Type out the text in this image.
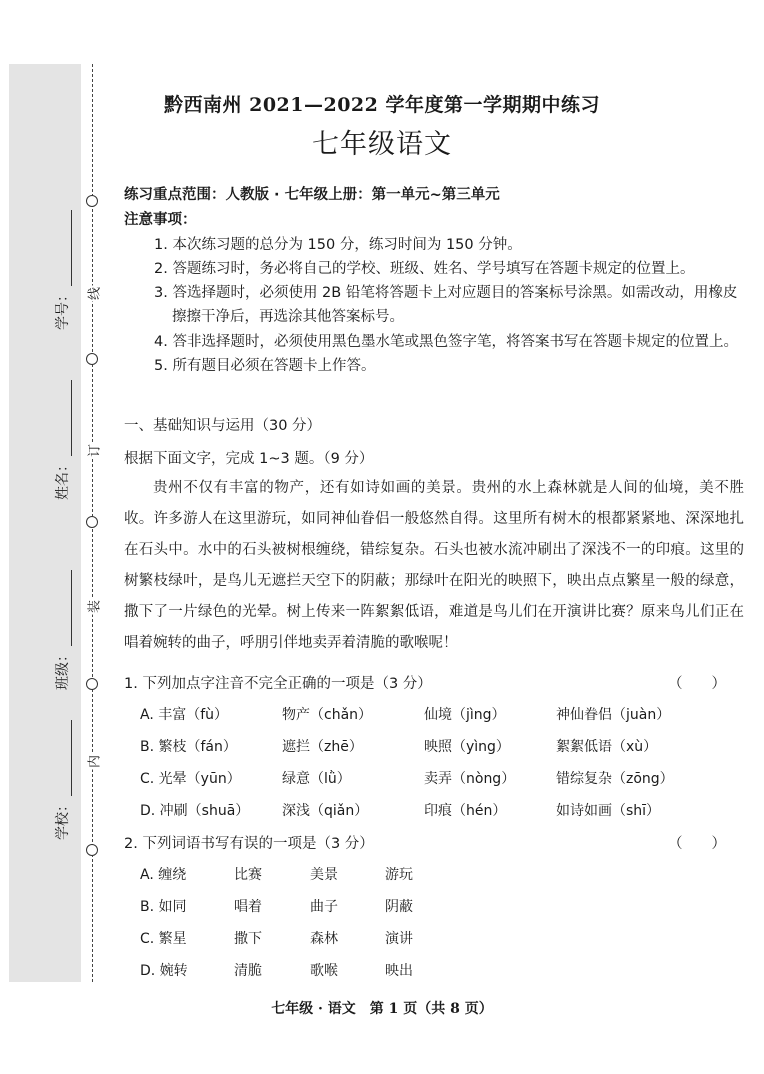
线
订
装
内
学号：
姓名：
班级：
学校：
黔西南州 2021—2022 学年度第一学期期中练习
七年级语文
练习重点范围：人教版 · 七年级上册：第一单元~第三单元
注意事项：
1. 本次练习题的总分为 150 分，练习时间为 150 分钟。
2. 答题练习时，务必将自己的学校、班级、姓名、学号填写在答题卡规定的位置上。
3. 答选择题时，必须使用 2B 铅笔将答题卡上对应题目的答案标号涂黑。如需改动，用橡皮
擦擦干净后，再选涂其他答案标号。
4. 答非选择题时，必须使用黑色墨水笔或黑色签字笔，将答案书写在答题卡规定的位置上。
5. 所有题目必须在答题卡上作答。
一、基础知识与运用（30 分）
根据下面文字，完成 1~3 题。（9 分）
贵州不仅有丰富的物产，还有如诗如画的美景。贵州的水上森林就是人间的仙境，美不胜收。许多游人在这里游玩，如同神仙眷侣一般悠然自得。这里所有树木的根都紧紧地、深深地扎在石头中。水中的石头被树根缠绕，错综复杂。石头也被水流冲刷出了深浅不一的印痕。这里的树繁枝绿叶，是鸟儿无遮拦天空下的阴蔽；那绿叶在阳光的映照下，映出点点繁星一般的绿意，撒下了一片绿色的光晕。树上传来一阵絮絮低语，难道是鸟儿们在开演讲比赛？原来鸟儿们正在唱着婉转的曲子，呼朋引伴地卖弄着清脆的歌喉呢！
1. 下列加点字注音不完全正确的一项是（3 分）	（　　）
A. 丰富（fù）	物产（chǎn）	仙境（jìng）	神仙眷侣（juàn）
B. 繁枝（fán）	遮拦（zhē）	映照（yìng）	絮絮低语（xù）
C. 光晕（yūn）	绿意（lǜ）	卖弄（nòng）	错综复杂（zōng）
D. 冲刷（shuā） 深浅（qiǎn）	印痕（hén）	如诗如画（shī）
2. 下列词语书写有误的一项是（3 分）	（　　）
A. 缠绕	比赛	美景	游玩
B. 如同	唱着	曲子	阴蔽
C. 繁星	撒下	森林	演讲
D. 婉转	清脆	歌喉	映出
七年级 · 语文　第 1 页（共 8 页）
